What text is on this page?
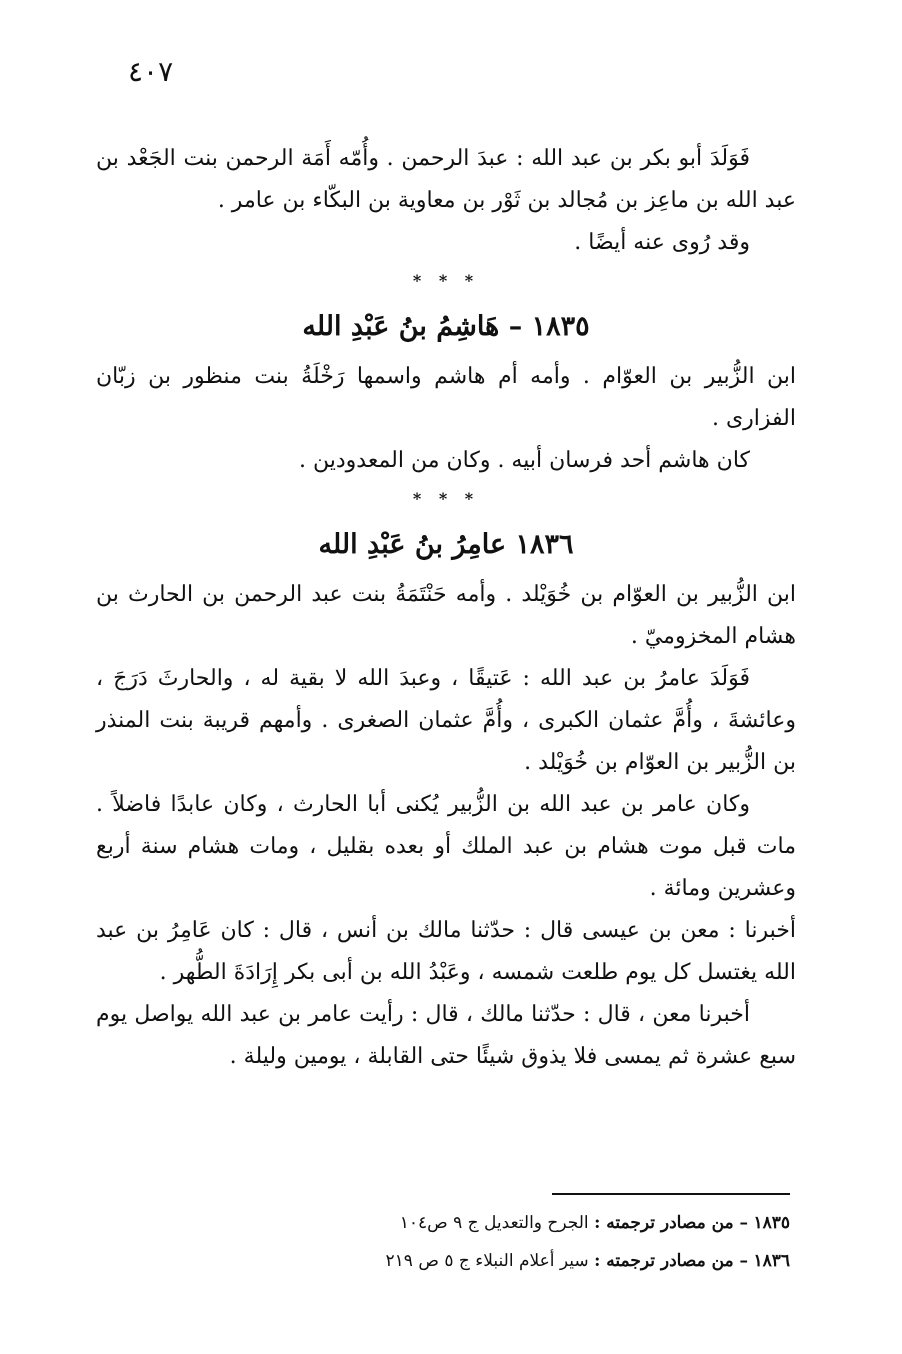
٤٠٧

فَوَلَدَ أبو بكر بن عبد الله : عبدَ الرحمن . وأُمّه أَمَة الرحمن بنت الجَعْد بن عبد الله بن ماعِز بن مُجالد بن ثَوْر بن معاوية بن البكّاء بن عامر .

وقد رُوى عنه أيضًا .

* * *

١٨٣٥ – هَاشِمُ بنُ عَبْدِ الله

ابن الزُّبير بن العوّام . وأمه أم هاشم واسمها رَخْلَةُ بنت منظور بن زبّان الفزارى .

كان هاشم أحد فرسان أبيه . وكان من المعدودين .

* * *

١٨٣٦ عامِرُ بنُ عَبْدِ الله

ابن الزُّبير بن العوّام بن خُوَيْلد . وأمه حَنْتَمَةُ بنت عبد الرحمن بن الحارث بن هشام المخزوميّ .

فَوَلَدَ عامرُ بن عبد الله : عَتيقًا ، وعبدَ الله لا بقية له ، والحارثَ دَرَجَ ، وعائشةَ ، وأُمَّ عثمان الكبرى ، وأُمَّ عثمان الصغرى . وأمهم قريبة بنت المنذر بن الزُّبير بن العوّام بن خُوَيْلد .

وكان عامر بن عبد الله بن الزُّبير يُكنى أبا الحارث ، وكان عابدًا فاضلاً . مات قبل موت هشام بن عبد الملك أو بعده بقليل ، ومات هشام سنة أربع وعشرين ومائة .

أخبرنا : معن بن عيسى قال : حدّثنا مالك بن أنس ، قال : كان عَامِرُ بن عبد الله يغتسل كل يوم طلعت شمسه ، وعَبْدُ الله بن أبى بكر إِرَادَةَ الطُّهر .

أخبرنا معن ، قال : حدّثنا مالك ، قال : رأيت عامر بن عبد الله يواصل يوم سبع عشرة ثم يمسى فلا يذوق شيئًا حتى القابلة ، يومين وليلة .

١٨٣٥ – من مصادر ترجمته : الجرح والتعديل ج ٩ ص١٠٤

١٨٣٦ – من مصادر ترجمته : سير أعلام النبلاء ج ٥ ص ٢١٩
